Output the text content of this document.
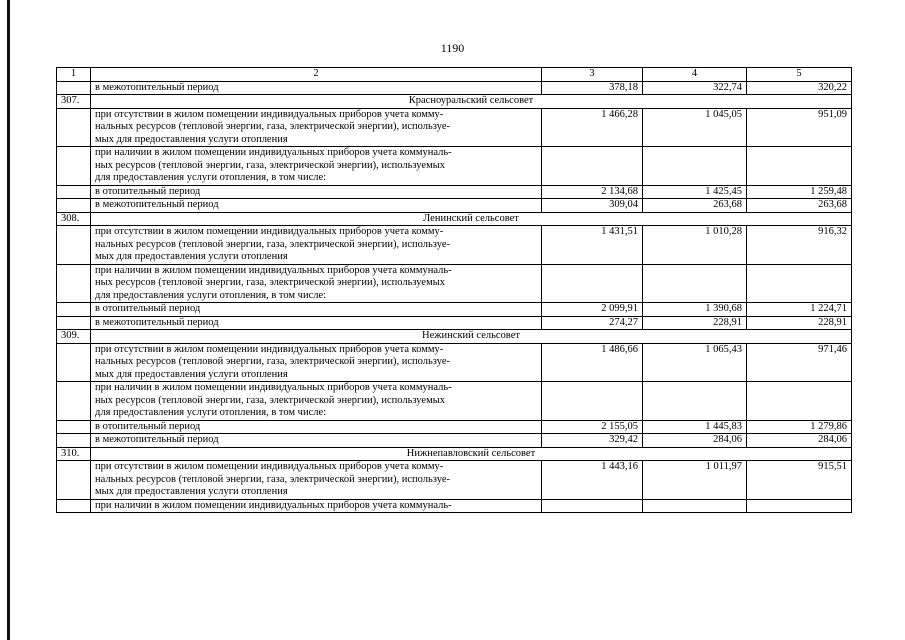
1190
1	2	3	4	5
	в межотопительный период	378,18	322,74	320,22
307.	Красноуральский сельсовет			
	при отсутствии в жилом помещении индивидуальных приборов учета комму-
нальных ресурсов (тепловой энергии, газа, электрической энергии), используе-
мых для предоставления услуги отопления	1 466,28	1 045,05	951,09
	при наличии в жилом помещении индивидуальных приборов учета коммуналь-
ных ресурсов (тепловой энергии, газа, электрической энергии), используемых
для предоставления услуги отопления, в том числе:			
	в отопительный период	2 134,68	1 425,45	1 259,48
	в межотопительный период	309,04	263,68	263,68
308.	Ленинский сельсовет			
	при отсутствии в жилом помещении индивидуальных приборов учета комму-
нальных ресурсов (тепловой энергии, газа, электрической энергии), используе-
мых для предоставления услуги отопления	1 431,51	1 010,28	916,32
	при наличии в жилом помещении индивидуальных приборов учета коммуналь-
ных ресурсов (тепловой энергии, газа, электрической энергии), используемых
для предоставления услуги отопления, в том числе:			
	в отопительный период	2 099,91	1 390,68	1 224,71
	в межотопительный период	274,27	228,91	228,91
309.	Нежинский сельсовет			
	при отсутствии в жилом помещении индивидуальных приборов учета комму-
нальных ресурсов (тепловой энергии, газа, электрической энергии), используе-
мых для предоставления услуги отопления	1 486,66	1 065,43	971,46
	при наличии в жилом помещении индивидуальных приборов учета коммуналь-
ных ресурсов (тепловой энергии, газа, электрической энергии), используемых
для предоставления услуги отопления, в том числе:			
	в отопительный период	2 155,05	1 445,83	1 279,86
	в межотопительный период	329,42	284,06	284,06
310.	Нижнепавловский сельсовет			
	при отсутствии в жилом помещении индивидуальных приборов учета комму-
нальных ресурсов (тепловой энергии, газа, электрической энергии), используе-
мых для предоставления услуги отопления	1 443,16	1 011,97	915,51
	при наличии в жилом помещении индивидуальных приборов учета коммуналь-			
